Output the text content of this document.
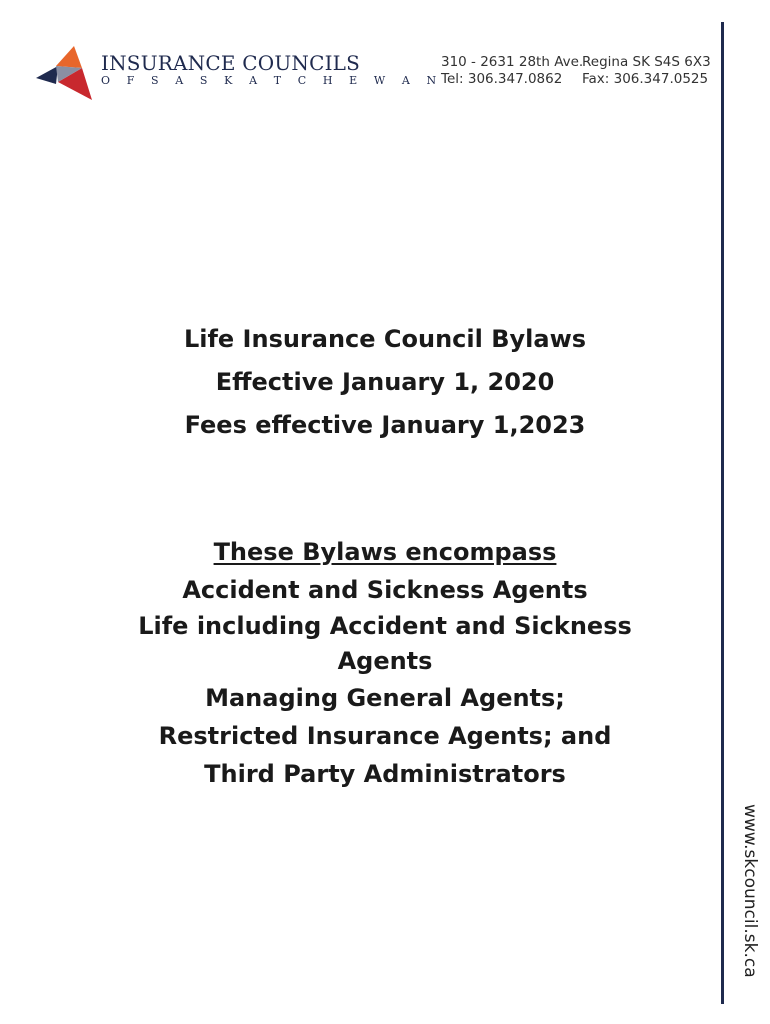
INSURANCE COUNCILS
O F S A S K A T C H E W A N
310 - 2631 28th Ave.
Tel: 306.347.0862
Regina SK S4S 6X3
Fax: 306.347.0525
www.skcouncil.sk.ca
Life Insurance Council Bylaws
Effective January 1, 2020
Fees effective January 1,2023
These Bylaws encompass
Accident and Sickness Agents
Life including Accident and Sickness Agents
Managing General Agents;
Restricted Insurance Agents; and
Third Party Administrators
